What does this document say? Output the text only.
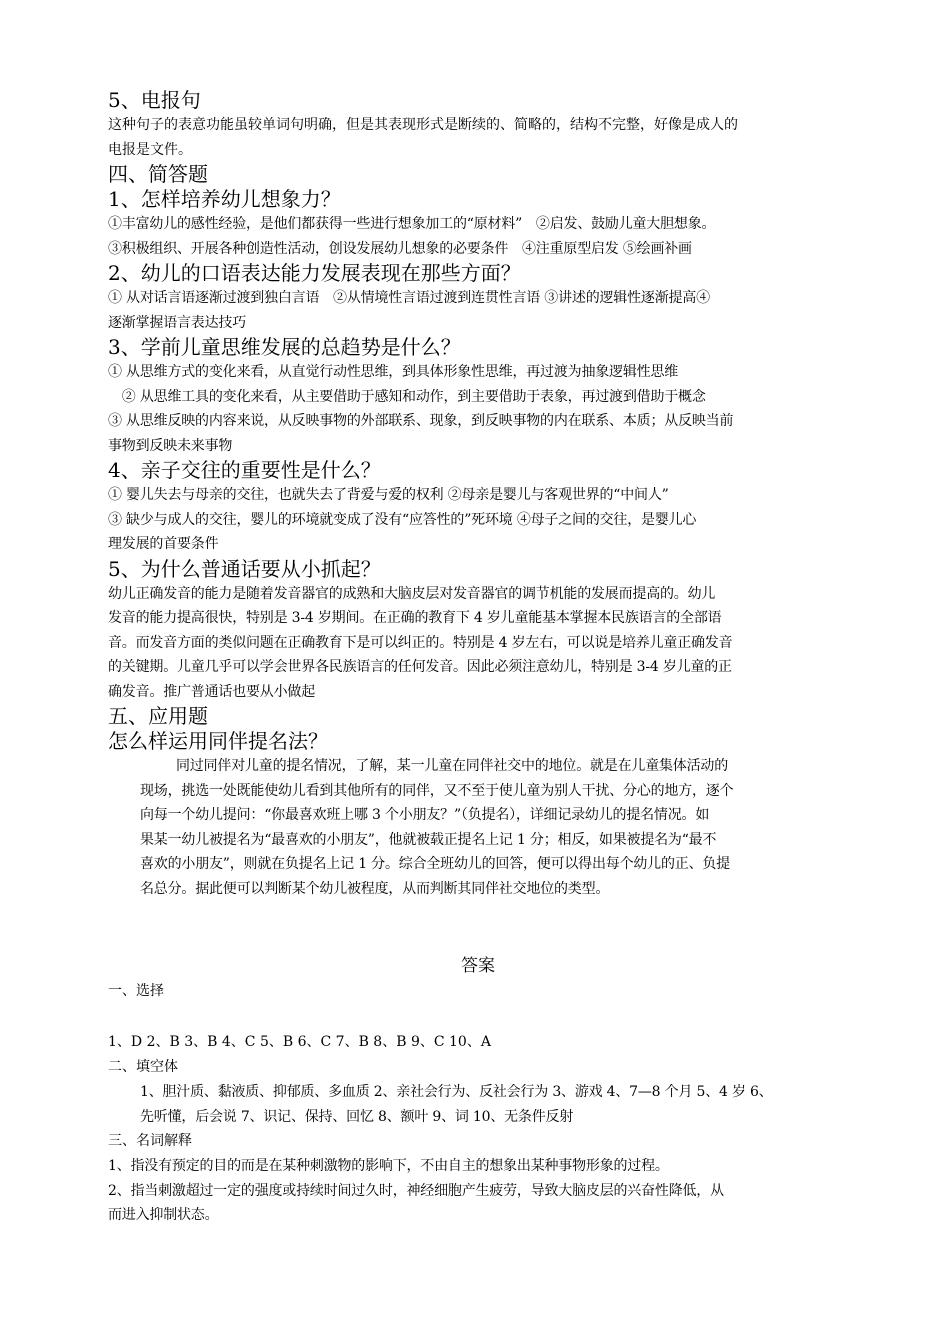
5、电报句
这种句子的表意功能虽较单词句明确，但是其表现形式是断续的、简略的，结构不完整，好像是成人的
电报是文件。
四、简答题
1、怎样培养幼儿想象力？
①丰富幼儿的感性经验，是他们都获得一些进行想象加工的“原材料”　②启发、鼓励儿童大胆想象。
③积极组织、开展各种创造性活动，创设发展幼儿想象的必要条件　④注重原型启发 ⑤绘画补画
2、幼儿的口语表达能力发展表现在那些方面？
① 从对话言语逐渐过渡到独白言语　②从情境性言语过渡到连贯性言语 ③讲述的逻辑性逐渐提高④
逐渐掌握语言表达技巧
3、学前儿童思维发展的总趋势是什么？
① 从思维方式的变化来看，从直觉行动性思维，到具体形象性思维，再过渡为抽象逻辑性思维
　② 从思维工具的变化来看，从主要借助于感知和动作，到主要借助于表象，再过渡到借助于概念
③ 从思维反映的内容来说，从反映事物的外部联系、现象，到反映事物的内在联系、本质；从反映当前
事物到反映未来事物
4、亲子交往的重要性是什么？
① 婴儿失去与母亲的交往，也就失去了背爱与爱的权利 ②母亲是婴儿与客观世界的“中间人”
③ 缺少与成人的交往，婴儿的环境就变成了没有“应答性的”死环境 ④母子之间的交往，是婴儿心
理发展的首要条件
5、为什么普通话要从小抓起？
幼儿正确发音的能力是随着发音器官的成熟和大脑皮层对发音器官的调节机能的发展而提高的。幼儿
发音的能力提高很快，特别是 3-4 岁期间。在正确的教育下 4 岁儿童能基本掌握本民族语言的全部语
音。而发音方面的类似问题在正确教育下是可以纠正的。特别是 4 岁左右，可以说是培养儿童正确发音
的关键期。儿童几乎可以学会世界各民族语言的任何发音。因此必须注意幼儿，特别是 3-4 岁儿童的正
确发音。推广普通话也要从小做起
五、应用题
怎么样运用同伴提名法？
同过同伴对儿童的提名情况，了解，某一儿童在同伴社交中的地位。就是在儿童集体活动的
现场，挑选一处既能使幼儿看到其他所有的同伴，又不至于使儿童为别人干扰、分心的地方，逐个
向每一个幼儿提问：“你最喜欢班上哪 3 个小朋友？”（负提名），详细记录幼儿的提名情况。如
果某一幼儿被提名为“最喜欢的小朋友”，他就被载正提名上记 1 分；相反，如果被提名为“最不
喜欢的小朋友”，则就在负提名上记 1 分。综合全班幼儿的回答，便可以得出每个幼儿的正、负提
名总分。据此便可以判断某个幼儿被程度，从而判断其同伴社交地位的类型。
答案
一、选择
1、D 2、B 3、B 4、C 5、B 6、C 7、B 8、B 9、C 10、A
二、填空体
1、胆汁质、黏液质、抑郁质、多血质 2、亲社会行为、反社会行为 3、游戏 4、7—8 个月 5、4 岁 6、
先听懂，后会说 7、识记、保持、回忆 8、额叶 9、词 10、无条件反射
三、名词解释
1、指没有预定的目的而是在某种刺激物的影响下，不由自主的想象出某种事物形象的过程。
2、指当刺激超过一定的强度或持续时间过久时，神经细胞产生疲劳，导致大脑皮层的兴奋性降低，从
而进入抑制状态。
